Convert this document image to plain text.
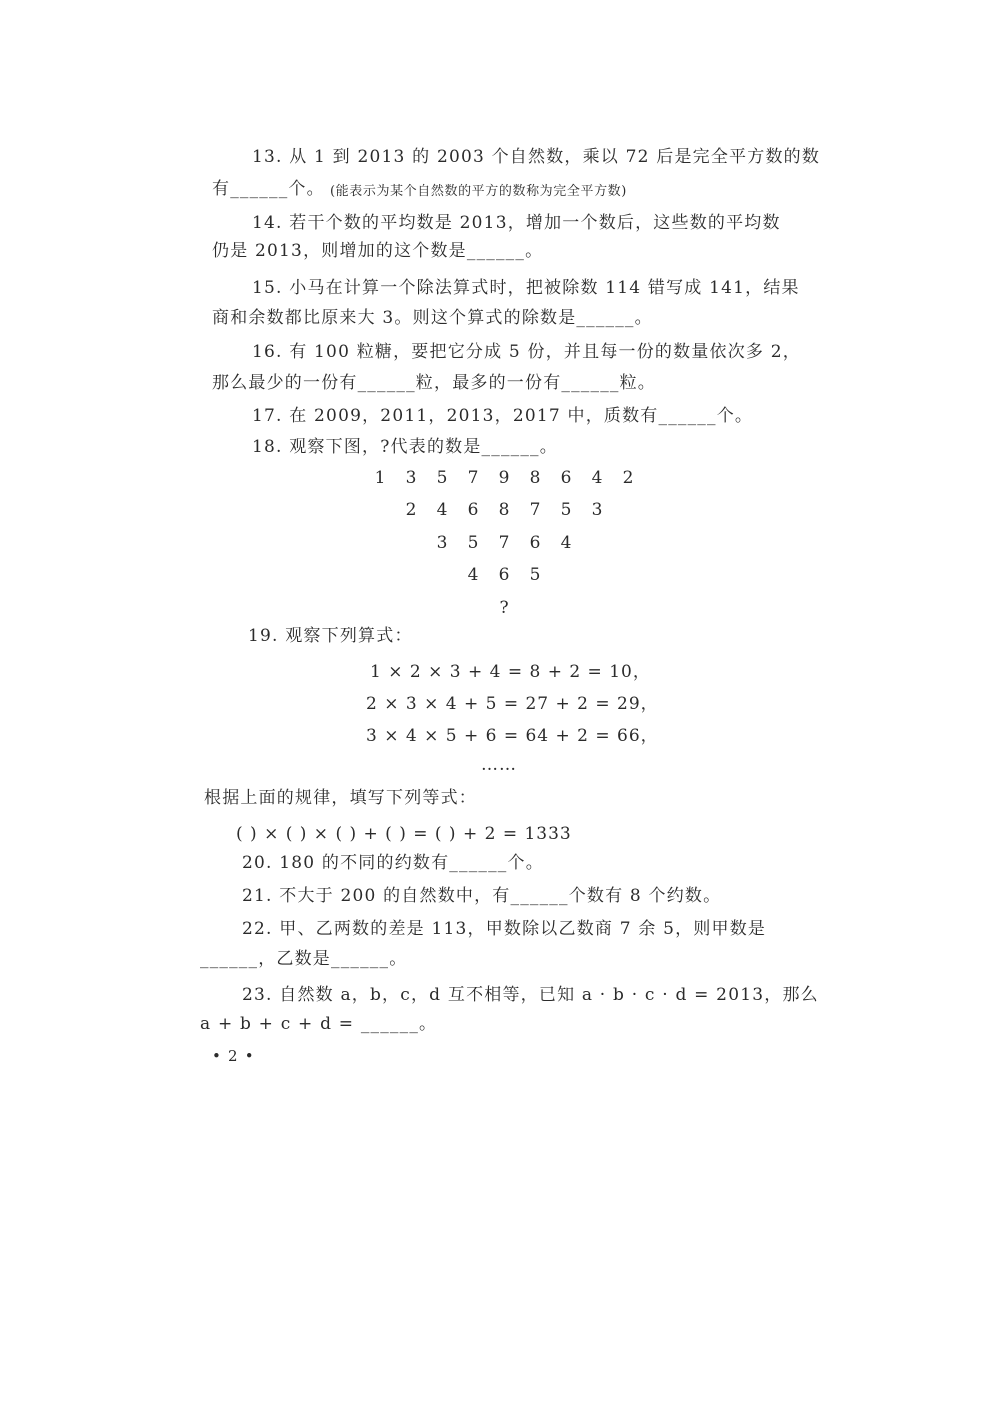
13. 从 1 到 2013 的 2003 个自然数，乘以 72 后是完全平方数的数
有______个。 (能表示为某个自然数的平方的数称为完全平方数)
14. 若干个数的平均数是 2013，增加一个数后，这些数的平均数
仍是 2013，则增加的这个数是______。
15. 小马在计算一个除法算式时，把被除数 114 错写成 141，结果
商和余数都比原来大 3。则这个算式的除数是______。
16. 有 100 粒糖，要把它分成 5 份，并且每一份的数量依次多 2，
那么最少的一份有______粒，最多的一份有______粒。
17. 在 2009，2011，2013，2017 中，质数有______个。
18. 观察下图，?代表的数是______。
1 3 5 7 9 8 6 4 2
2 4 6 8 7 5 3
3 5 7 6 4
4 6 5
?
19. 观察下列算式：
1 × 2 × 3 + 4 = 8 + 2 = 10，
2 × 3 × 4 + 5 = 27 + 2 = 29，
3 × 4 × 5 + 6 = 64 + 2 = 66，
……
根据上面的规律，填写下列等式：
( ) × ( ) × ( ) + ( ) = ( ) + 2 = 1333
20. 180 的不同的约数有______个。
21. 不大于 200 的自然数中，有______个数有 8 个约数。
22. 甲、乙两数的差是 113，甲数除以乙数商 7 余 5，则甲数是
______，乙数是______。
23. 自然数 a，b，c，d 互不相等，已知 a · b · c · d = 2013，那么
a + b + c + d = ______。
• 2 •
